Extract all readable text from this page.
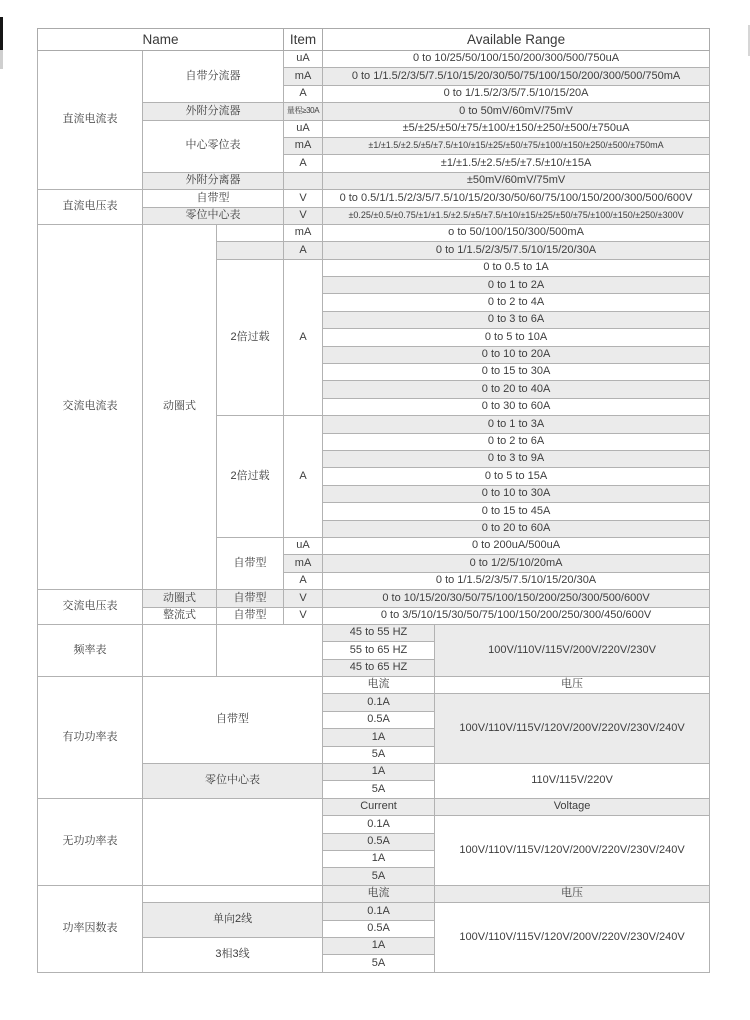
Name			Item	Available Range	
直流电流表	自带分流器		uA	0 to 10/25/50/100/150/200/300/500/750uA	
			mA	0 to 1/1.5/2/3/5/7.5/10/15/20/30/50/75/100/150/200/300/500/750mA	
			A	0 to 1/1.5/2/3/5/7.5/10/15/20A	
	外附分流器		量程≥30A	0 to 50mV/60mV/75mV	
	中心零位表		uA	±5/±25/±50/±75/±100/±150/±250/±500/±750uA	
			mA	±1/±1.5/±2.5/±5/±7.5/±10/±15/±25/±50/±75/±100/±150/±250/±500/±750mA	
			A	±1/±1.5/±2.5/±5/±7.5/±10/±15A	
	外附分离器			±50mV/60mV/75mV	
直流电压表	自带型		V	0 to 0.5/1/1.5/2/3/5/7.5/10/15/20/30/50/60/75/100/150/200/300/500/600V	
	零位中心表		V	±0.25/±0.5/±0.75/±1/±1.5/±2.5/±5/±7.5/±10/±15/±25/±50/±75/±100/±150/±250/±300V	
交流电流表	动圈式		mA	o to 50/100/150/300/500mA	
			A	0 to 1/1.5/2/3/5/7.5/10/15/20/30A	
		2倍过载	A	0 to 0.5 to 1A	
				0 to 1 to 2A	
				0 to 2 to 4A	
				0 to 3 to 6A	
				0 to 5 to 10A	
				0 to 10 to 20A	
				0 to 15 to 30A	
				0 to 20 to 40A	
				0 to 30 to 60A	
		2倍过载	A	0 to 1 to 3A	
				0 to 2 to 6A	
				0 to 3 to 9A	
				0 to 5 to 15A	
				0 to 10 to 30A	
				0 to 15 to 45A	
				0 to 20 to 60A	
		自带型	uA	0 to 200uA/500uA	
			mA	0 to 1/2/5/10/20mA	
			A	0 to 1/1.5/2/3/5/7.5/10/15/20/30A	
交流电压表	动圈式	自带型	V	0 to 10/15/20/30/50/75/100/150/200/250/300/500/600V	
	整流式	自带型	V	0 to 3/5/10/15/30/50/75/100/150/200/250/300/450/600V	
频率表				45 to 55 HZ	100V/110V/115V/200V/220V/230V
				55 to 65 HZ	
				45 to 65 HZ	
有功功率表	自带型			电流	电压
				0.1A	100V/110V/115V/120V/200V/220V/230V/240V
				0.5A	
				1A	
				5A	
	零位中心表			1A	110V/115V/220V
				5A	
无功功率表				Current	Voltage
				0.1A	100V/110V/115V/120V/200V/220V/230V/240V
				0.5A	
				1A	
				5A	
功率因数表				电流	电压
	单向2线			0.1A	100V/110V/115V/120V/200V/220V/230V/240V
				0.5A	
	3相3线			1A	
				5A	
